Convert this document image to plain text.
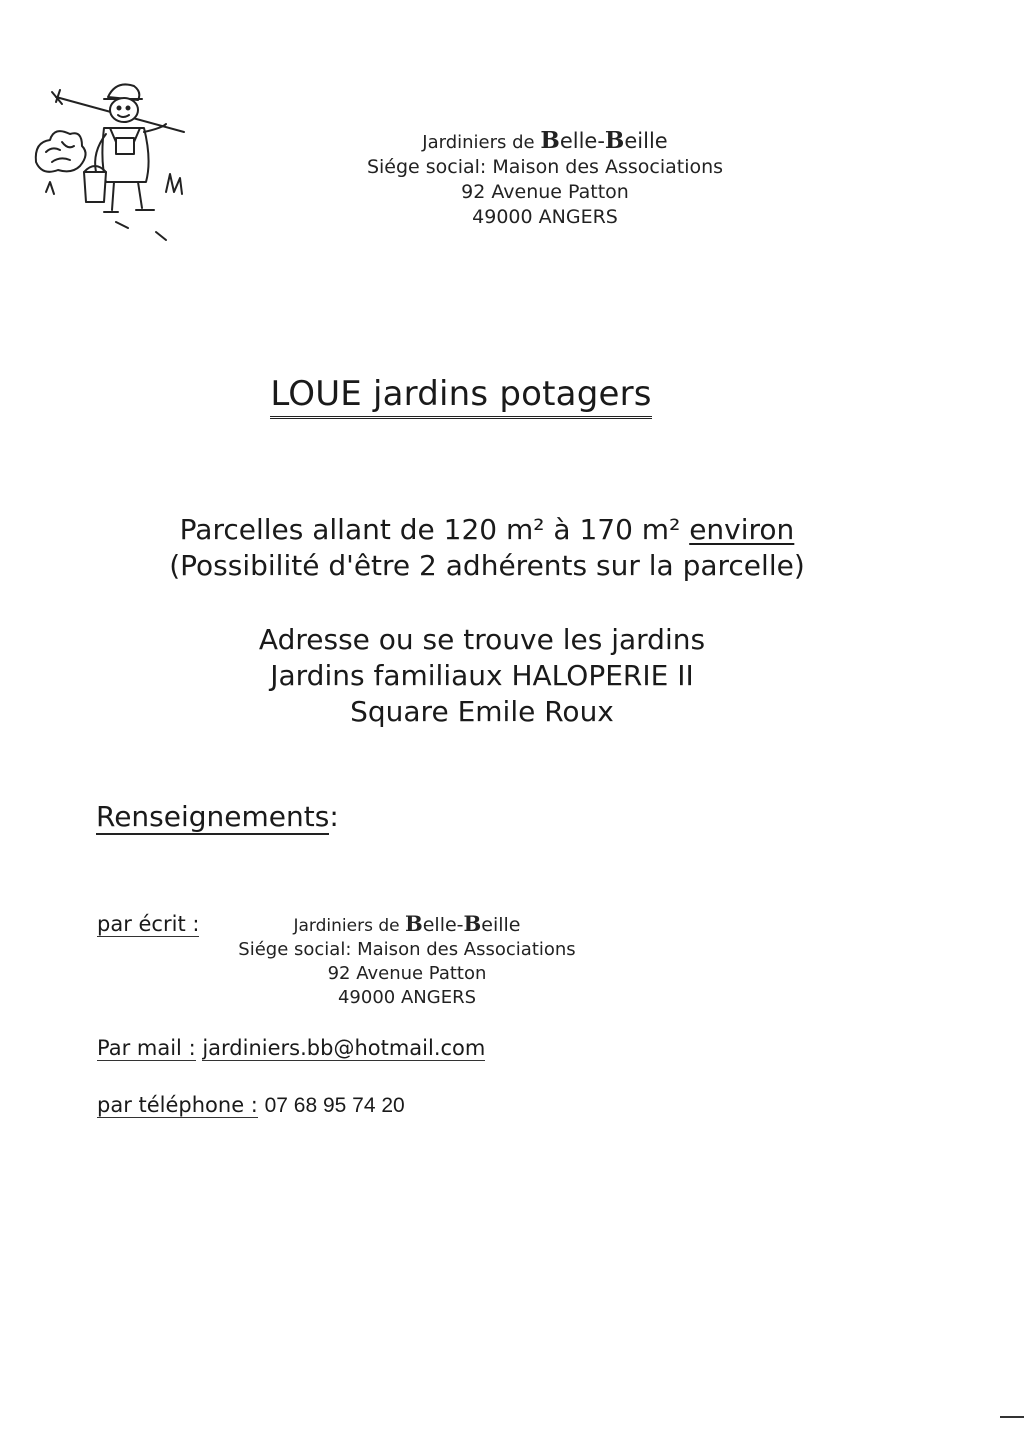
Jardiniers de Belle-Beille
Siége social: Maison des Associations
92 Avenue Patton
49000 ANGERS
LOUE jardins potagers
Parcelles allant de 120 m² à 170 m² environ
(Possibilité d'être 2 adhérents sur la parcelle)
Adresse ou se trouve les jardins
Jardins familiaux HALOPERIE II
Square Emile Roux
Renseignements:
par écrit :	Jardiniers de Belle-Beille
Siége social: Maison des Associations
92 Avenue Patton
49000 ANGERS
Par mail : jardiniers.bb@hotmail.com
par téléphone : 07 68 95 74 20
